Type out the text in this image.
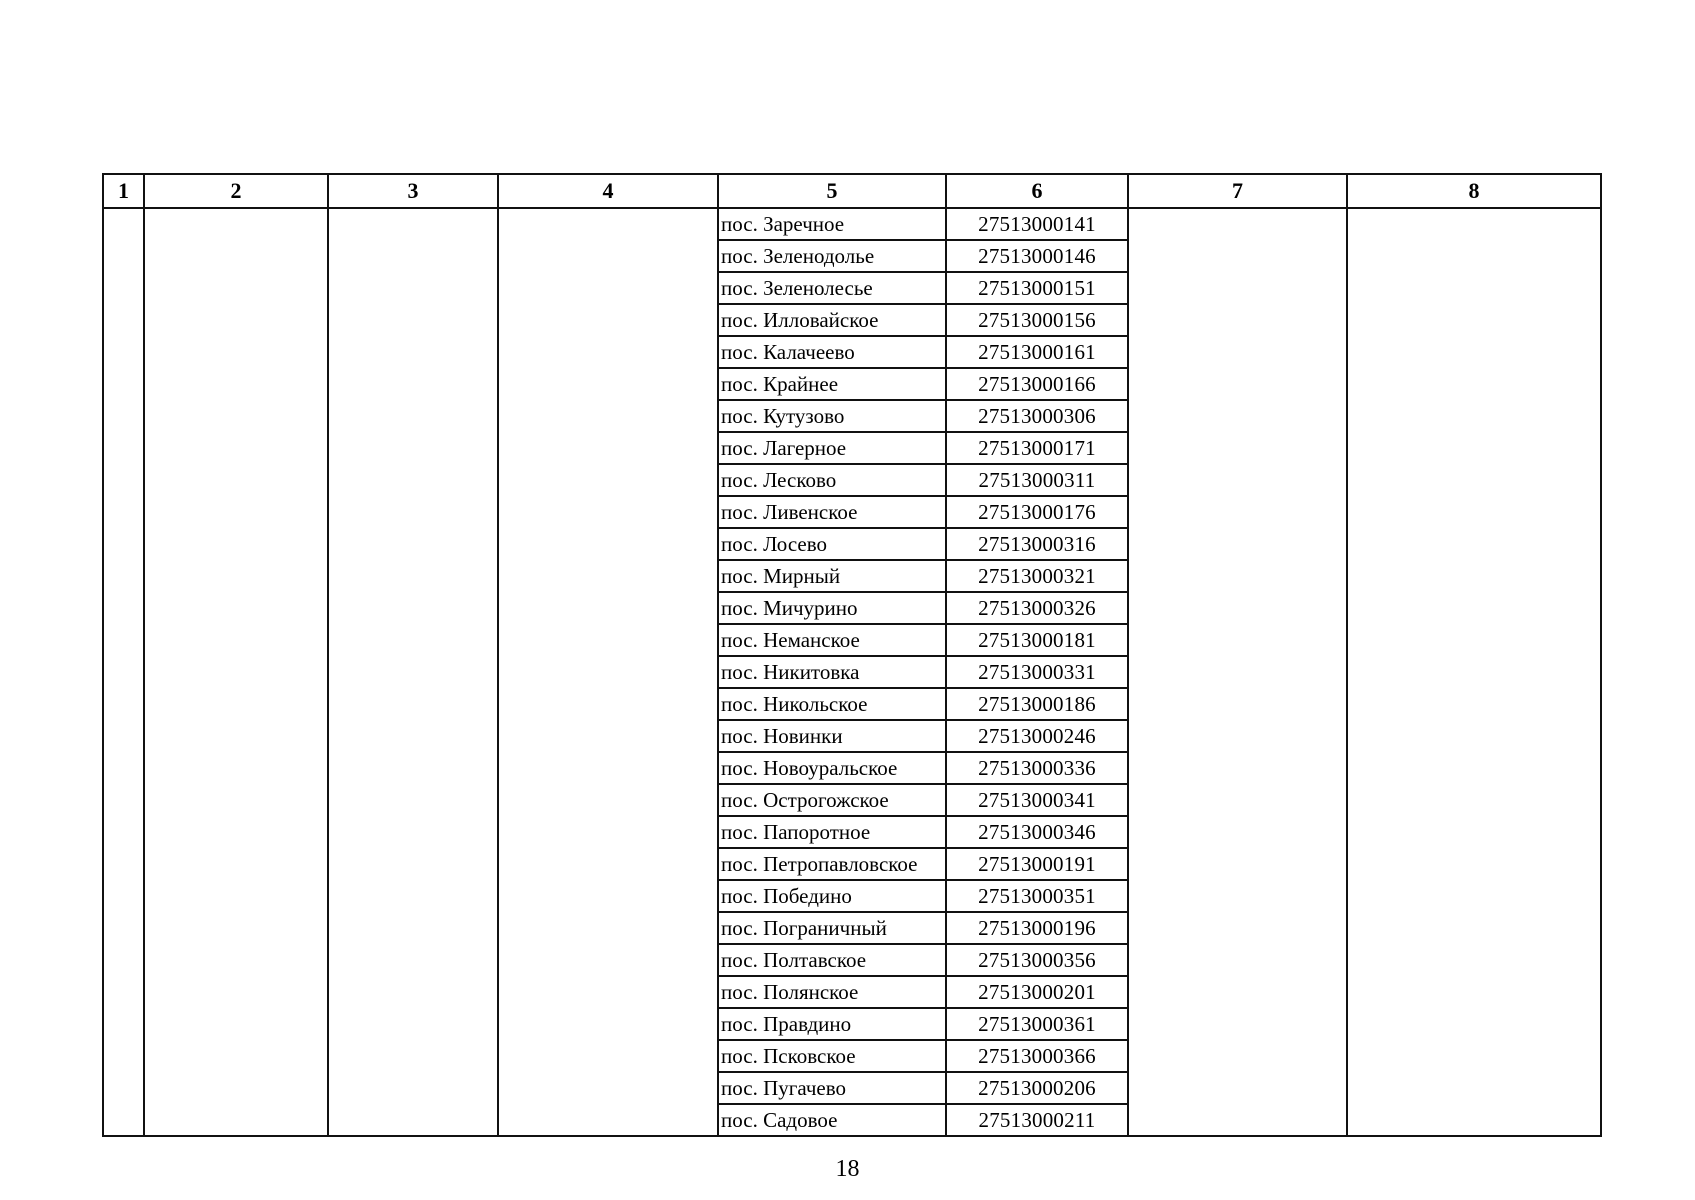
1	2	3	4	5	6	7	8
				пос. Заречное	27513000141		
				пос. Зеленодолье	27513000146		
				пос. Зеленолесье	27513000151		
				пос. Илловайское	27513000156		
				пос. Калачеево	27513000161		
				пос. Крайнее	27513000166		
				пос. Кутузово	27513000306		
				пос. Лагерное	27513000171		
				пос. Лесково	27513000311		
				пос. Ливенское	27513000176		
				пос. Лосево	27513000316		
				пос. Мирный	27513000321		
				пос. Мичурино	27513000326		
				пос. Неманское	27513000181		
				пос. Никитовка	27513000331		
				пос. Никольское	27513000186		
				пос. Новинки	27513000246		
				пос. Новоуральское	27513000336		
				пос. Острогожское	27513000341		
				пос. Папоротное	27513000346		
				пос. Петропавловское	27513000191		
				пос. Победино	27513000351		
				пос. Пограничный	27513000196		
				пос. Полтавское	27513000356		
				пос. Полянское	27513000201		
				пос. Правдино	27513000361		
				пос. Псковское	27513000366		
				пос. Пугачево	27513000206		
				пос. Садовое	27513000211		
18
